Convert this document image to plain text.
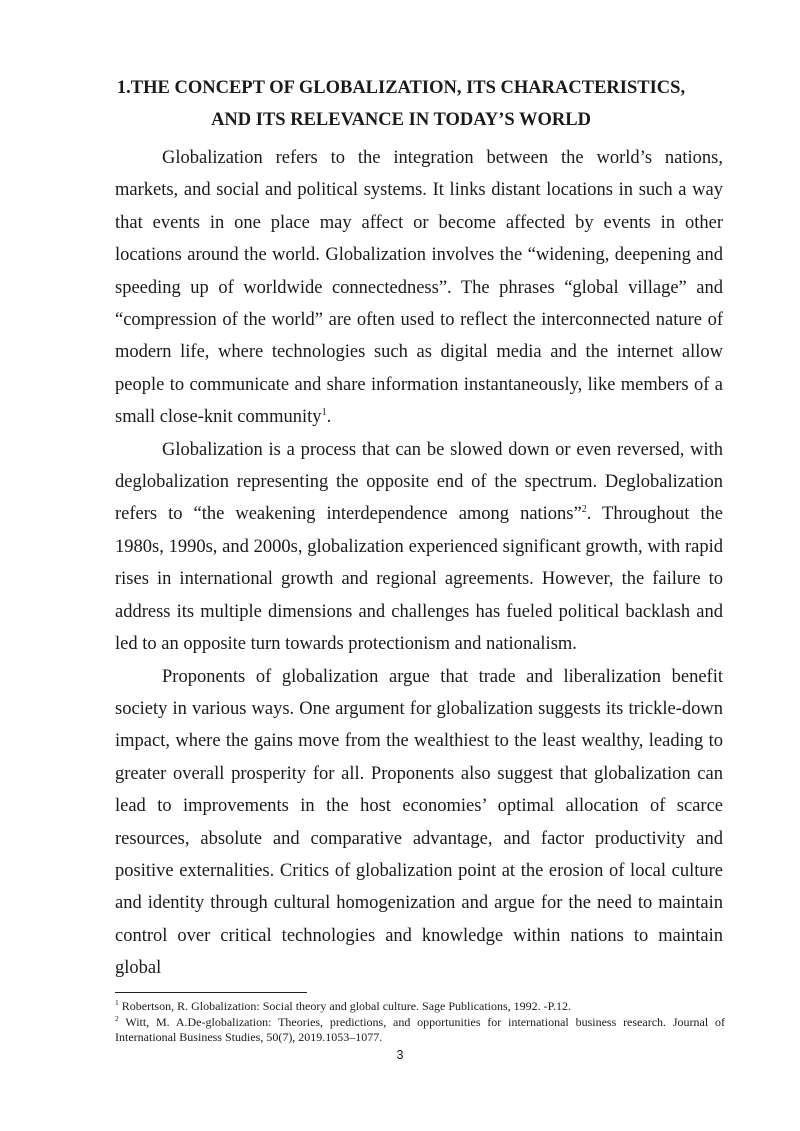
1.THE CONCEPT OF GLOBALIZATION, ITS CHARACTERISTICS,
AND ITS RELEVANCE IN TODAY’S WORLD

Globalization refers to the integration between the world’s nations, markets, and social and political systems. It links distant locations in such a way that events in one place may affect or become affected by events in other locations around the world. Globalization involves the “widening, deepening and speeding up of worldwide connectedness”. The phrases “global village” and “compression of the world” are often used to reflect the interconnected nature of modern life, where technologies such as digital media and the internet allow people to communicate and share information instantaneously, like members of a small close-knit community$^1$.

Globalization is a process that can be slowed down or even reversed, with deglobalization representing the opposite end of the spectrum. Deglobalization refers to “the weakening interdependence among nations”$^2$. Throughout the 1980s, 1990s, and 2000s, globalization experienced significant growth, with rapid rises in international growth and regional agreements. However, the failure to address its multiple dimensions and challenges has fueled political backlash and led to an opposite turn towards protectionism and nationalism.

Proponents of globalization argue that trade and liberalization benefit society in various ways. One argument for globalization suggests its trickle-down impact, where the gains move from the wealthiest to the least wealthy, leading to greater overall prosperity for all. Proponents also suggest that globalization can lead to improvements in the host economies’ optimal allocation of scarce resources, absolute and comparative advantage, and factor productivity and positive externalities. Critics of globalization point at the erosion of local culture and identity through cultural homogenization and argue for the need to maintain control over critical technologies and knowledge within nations to maintain global

$^1$ Robertson, R. Globalization: Social theory and global culture. Sage Publications, 1992. -P.12.

$^2$ Witt, M. A.De-globalization: Theories, predictions, and opportunities for international business research. Journal of International Business Studies, 50(7), 2019.1053–1077.

3
